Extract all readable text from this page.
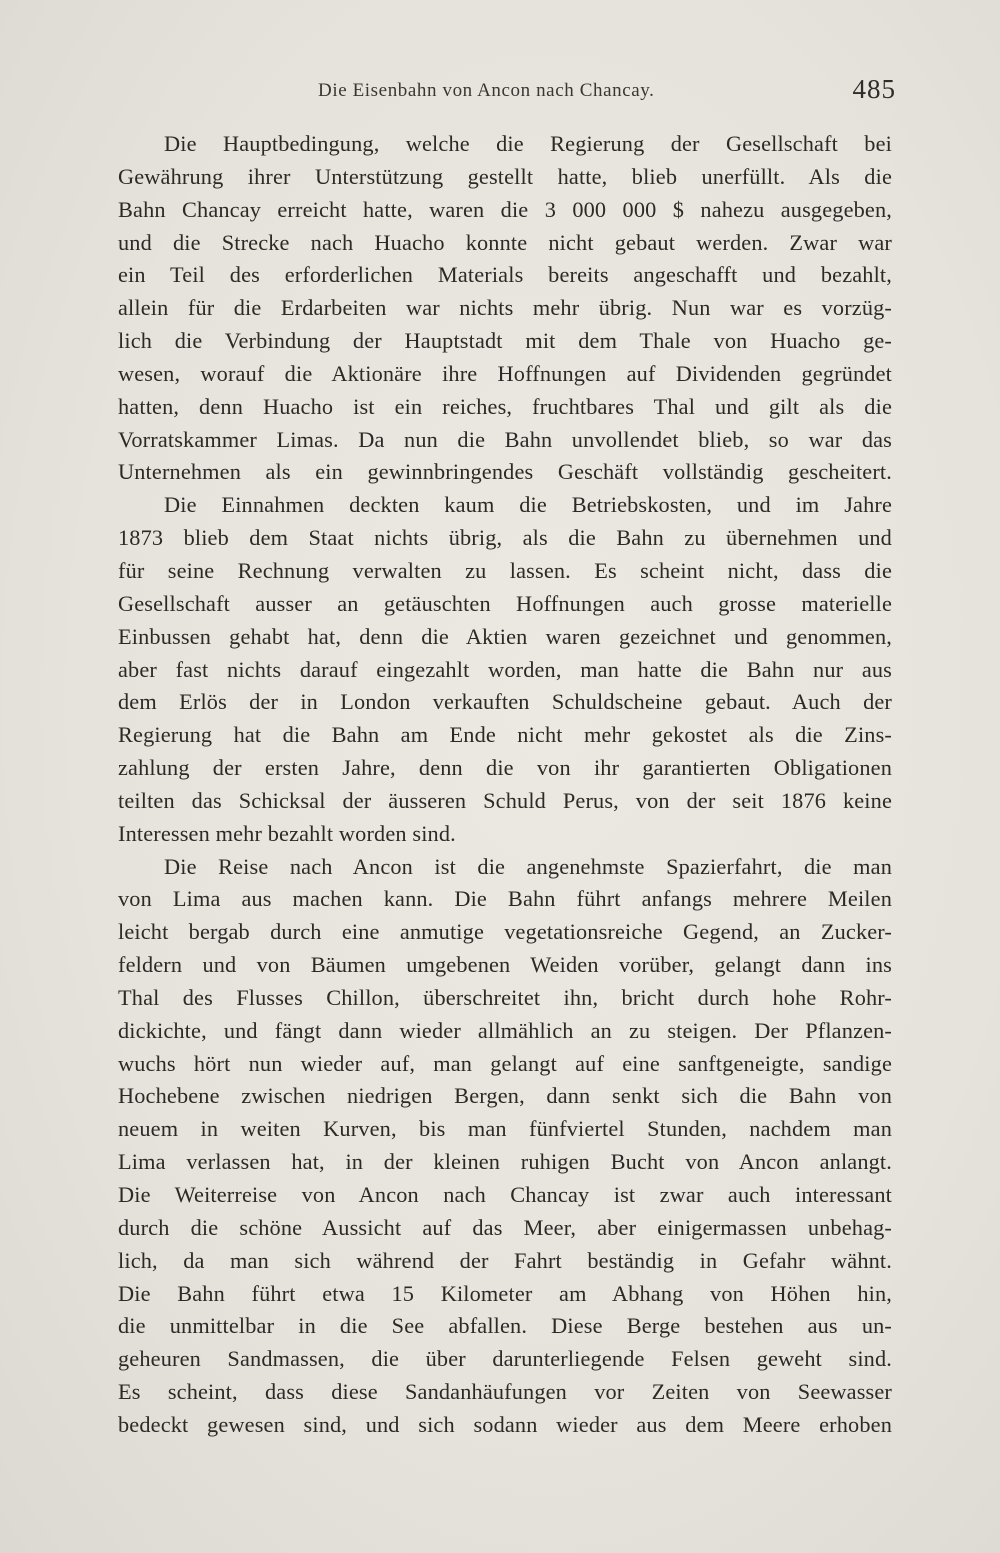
Die Eisenbahn von Ancon nach Chancay.	485
Die Hauptbedingung, welche die Regierung der Gesellschaft bei
Gewährung ihrer Unterstützung gestellt hatte, blieb unerfüllt. Als die
Bahn Chancay erreicht hatte, waren die 3 000 000 $ nahezu ausgegeben,
und die Strecke nach Huacho konnte nicht gebaut werden. Zwar war
ein Teil des erforderlichen Materials bereits angeschafft und bezahlt,
allein für die Erdarbeiten war nichts mehr übrig. Nun war es vorzüg-
lich die Verbindung der Hauptstadt mit dem Thale von Huacho ge-
wesen, worauf die Aktionäre ihre Hoffnungen auf Dividenden gegründet
hatten, denn Huacho ist ein reiches, fruchtbares Thal und gilt als die
Vorratskammer Limas. Da nun die Bahn unvollendet blieb, so war das
Unternehmen als ein gewinnbringendes Geschäft vollständig gescheitert.
Die Einnahmen deckten kaum die Betriebskosten, und im Jahre
1873 blieb dem Staat nichts übrig, als die Bahn zu übernehmen und
für seine Rechnung verwalten zu lassen. Es scheint nicht, dass die
Gesellschaft ausser an getäuschten Hoffnungen auch grosse materielle
Einbussen gehabt hat, denn die Aktien waren gezeichnet und genommen,
aber fast nichts darauf eingezahlt worden, man hatte die Bahn nur aus
dem Erlös der in London verkauften Schuldscheine gebaut. Auch der
Regierung hat die Bahn am Ende nicht mehr gekostet als die Zins-
zahlung der ersten Jahre, denn die von ihr garantierten Obligationen
teilten das Schicksal der äusseren Schuld Perus, von der seit 1876 keine
Interessen mehr bezahlt worden sind.
Die Reise nach Ancon ist die angenehmste Spazierfahrt, die man
von Lima aus machen kann. Die Bahn führt anfangs mehrere Meilen
leicht bergab durch eine anmutige vegetationsreiche Gegend, an Zucker-
feldern und von Bäumen umgebenen Weiden vorüber, gelangt dann ins
Thal des Flusses Chillon, überschreitet ihn, bricht durch hohe Rohr-
dickichte, und fängt dann wieder allmählich an zu steigen. Der Pflanzen-
wuchs hört nun wieder auf, man gelangt auf eine sanftgeneigte, sandige
Hochebene zwischen niedrigen Bergen, dann senkt sich die Bahn von
neuem in weiten Kurven, bis man fünfviertel Stunden, nachdem man
Lima verlassen hat, in der kleinen ruhigen Bucht von Ancon anlangt.
Die Weiterreise von Ancon nach Chancay ist zwar auch interessant
durch die schöne Aussicht auf das Meer, aber einigermassen unbehag-
lich, da man sich während der Fahrt beständig in Gefahr wähnt.
Die Bahn führt etwa 15 Kilometer am Abhang von Höhen hin,
die unmittelbar in die See abfallen. Diese Berge bestehen aus un-
geheuren Sandmassen, die über darunterliegende Felsen geweht sind.
Es scheint, dass diese Sandanhäufungen vor Zeiten von Seewasser
bedeckt gewesen sind, und sich sodann wieder aus dem Meere erhoben
